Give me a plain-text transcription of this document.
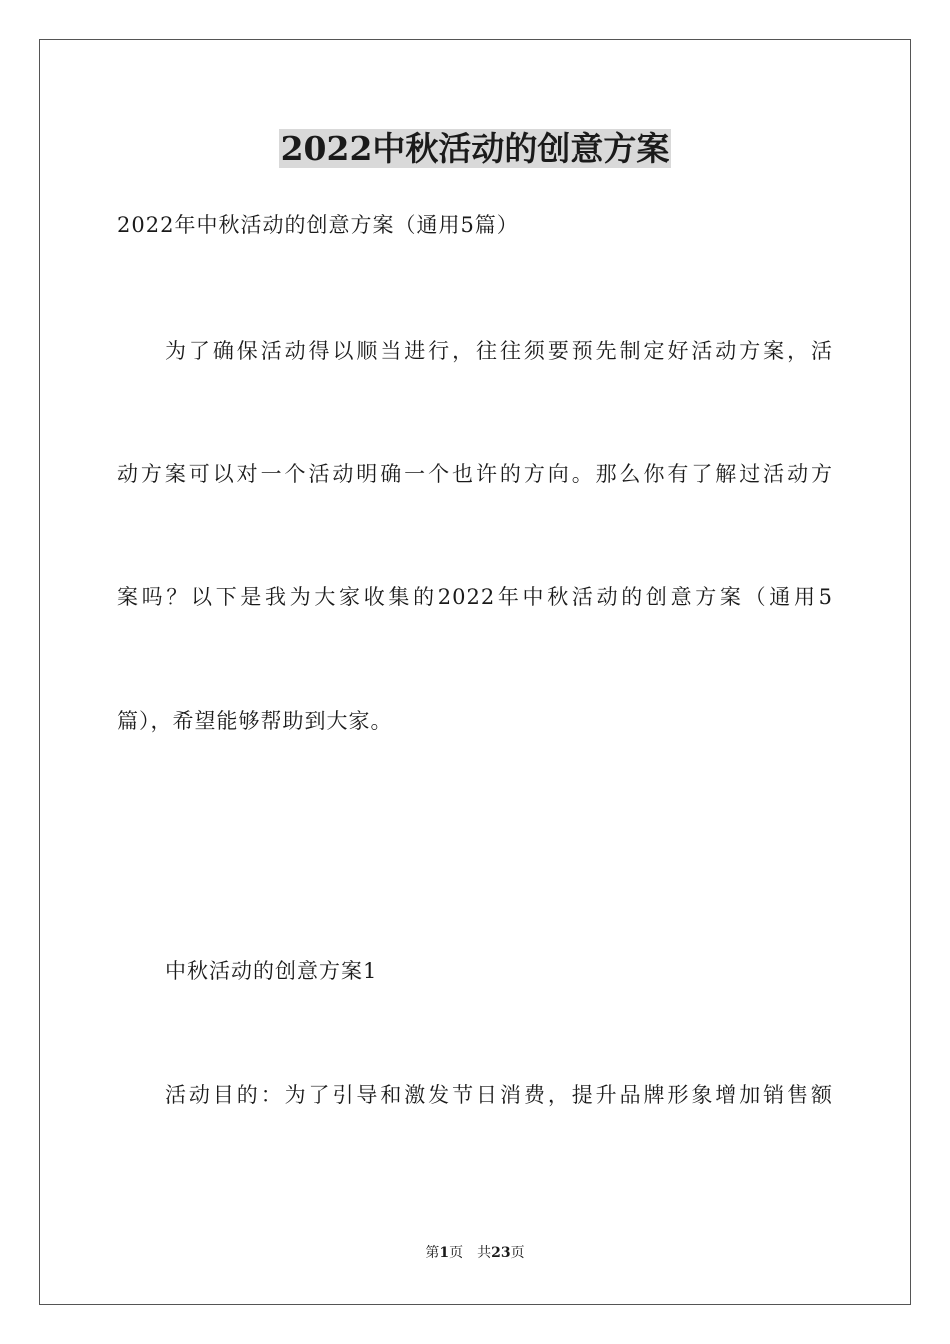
2022中秋活动的创意方案
2022年中秋活动的创意方案（通用5篇）
为了确保活动得以顺当进行，往往须要预先制定好活动方案，活
动方案可以对一个活动明确一个也许的方向。那么你有了解过活动方
案吗？以下是我为大家收集的2022年中秋活动的创意方案（通用5
篇），希望能够帮助到大家。
中秋活动的创意方案1
活动目的：为了引导和激发节日消费，提升品牌形象增加销售额
第1页 共23页
